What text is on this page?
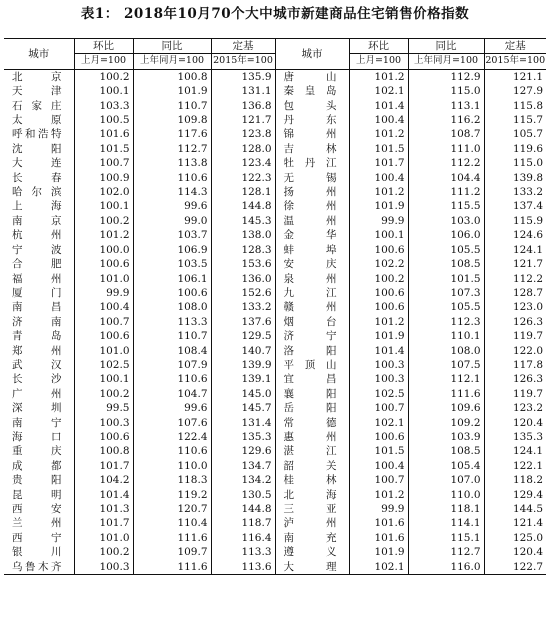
表1： 2018年10月70个大中城市新建商品住宅销售价格指数
城市	环比	同比	定基	城市	环比	同比	定基
	上月=100	上年同月=100	2015年=100		上月=100	上年同月=100	2015年=100
北 京	100.2	100.8	135.9	唐 山	101.2	112.9	121.1
天 津	100.1	101.9	131.1	秦皇岛	102.1	115.0	127.9
石家庄	103.3	110.7	136.8	包 头	101.4	113.1	115.8
太 原	100.5	109.8	121.7	丹 东	100.4	116.2	115.7
呼和浩特	101.6	117.6	123.8	锦 州	101.2	108.7	105.7
沈 阳	101.5	112.7	128.0	吉 林	101.5	111.0	119.6
大 连	100.7	113.8	123.4	牡丹江	101.7	112.2	115.0
长 春	100.9	110.6	122.3	无 锡	100.4	104.4	139.8
哈尔滨	102.0	114.3	128.1	扬 州	101.2	111.2	133.2
上 海	100.1	99.6	144.8	徐 州	101.9	115.5	137.4
南 京	100.2	99.0	145.3	温 州	99.9	103.0	115.9
杭 州	101.2	103.7	138.0	金 华	100.1	106.0	124.6
宁 波	100.0	106.9	128.3	蚌 埠	100.6	105.5	124.1
合 肥	100.6	103.5	153.6	安 庆	102.2	108.5	121.7
福 州	101.0	106.1	136.0	泉 州	100.2	101.5	112.2
厦 门	99.9	100.6	152.6	九 江	100.6	107.3	128.7
南 昌	100.4	108.0	133.2	赣 州	100.6	105.5	123.0
济 南	100.7	113.3	137.6	烟 台	101.2	112.3	126.3
青 岛	100.6	110.7	129.5	济 宁	101.9	110.1	119.7
郑 州	101.0	108.4	140.7	洛 阳	101.4	108.0	122.0
武 汉	102.5	107.9	139.9	平顶山	100.3	107.5	117.8
长 沙	100.1	110.6	139.1	宜 昌	100.3	112.1	126.3
广 州	100.2	104.7	145.0	襄 阳	102.5	111.6	119.7
深 圳	99.5	99.6	145.7	岳 阳	100.7	109.6	123.2
南 宁	100.3	107.6	131.4	常 德	102.1	109.2	120.4
海 口	100.6	122.4	135.3	惠 州	100.6	103.9	135.3
重 庆	100.8	110.6	129.6	湛 江	101.5	108.5	124.1
成 都	101.7	110.0	134.7	韶 关	100.4	105.4	122.1
贵 阳	104.2	118.3	134.2	桂 林	100.7	107.0	118.2
昆 明	101.4	119.2	130.5	北 海	101.2	110.0	129.4
西 安	101.3	120.7	144.8	三 亚	99.9	118.1	144.5
兰 州	101.7	110.4	118.7	泸 州	101.6	114.1	121.4
西 宁	101.0	111.6	116.4	南 充	101.6	115.1	125.0
银 川	100.2	109.7	113.3	遵 义	101.9	112.7	120.4
乌鲁木齐	100.3	111.6	113.6	大 理	102.1	116.0	122.7
